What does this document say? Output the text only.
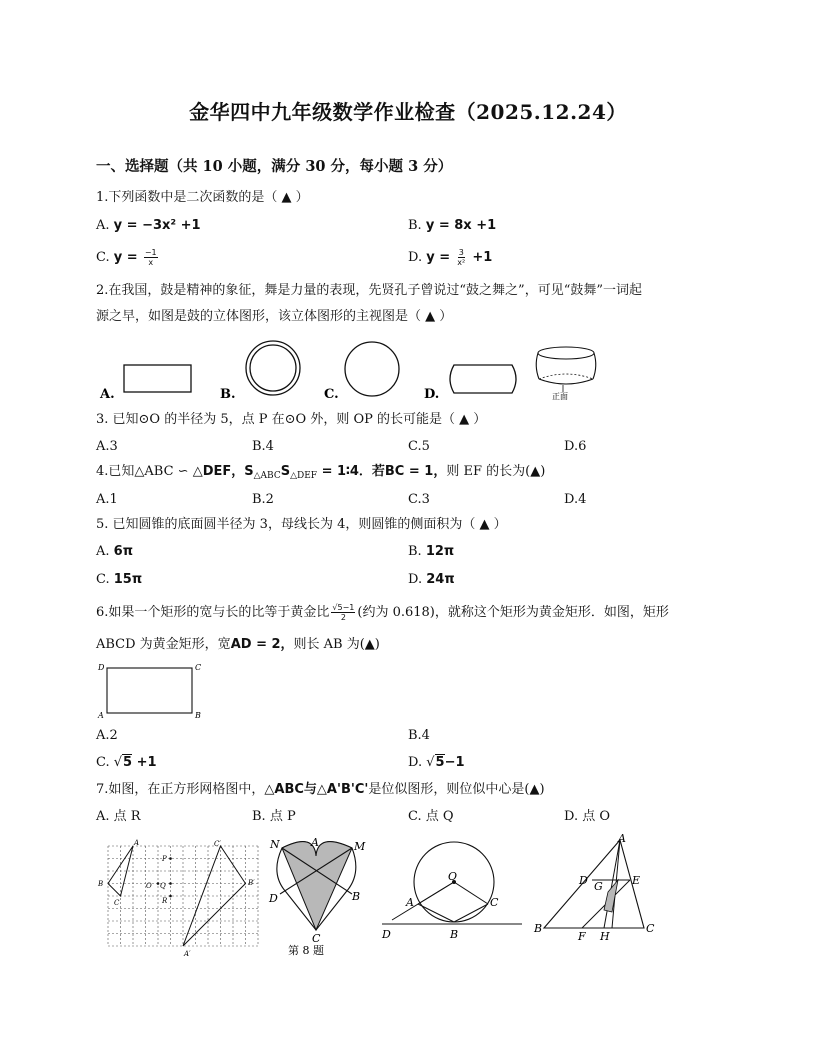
金华四中九年级数学作业检查（2025.12.24）
一、选择题（共 10 小题，满分 30 分，每小题 3 分）
1.下列函数中是二次函数的是（ ▲ ）
A. y = −3x² +1	B. y = 8x +1
C. $y = \frac{-1}{x}$	D. $y = \frac{3}{\text{x²}} +1$
2.在我国，鼓是精神的象征，舞是力量的表现，先贤孔子曾说过“鼓之舞之”，可见“鼓舞”一词起
源之早，如图是鼓的立体图形，该立体图形的主视图是（ ▲ ）
A.	B.	C.	D.	正面
3. 已知⊙O 的半径为 5，点 P 在⊙O 外，则 OP 的长可能是（ ▲ ）
A.3	B.4	C.5	D.6
4.已知△ABC ∽ △DEF，$S_{\triangle ABC}S_{\triangle DEF}$ = 1∶4．若BC = 1，则 EF 的长为(▲)
A.1	B.2	C.3	D.4
5. 已知圆锥的底面圆半径为 3，母线长为 4，则圆锥的侧面积为（ ▲ ）
A. 6π	B. 12π
C. 15π	D. 24π
6.如果一个矩形的宽与长的比等于黄金比 $\frac{√5-1}{2}$ (约为 0.618)，就称这个矩形为黄金矩形．如图，矩形
ABCD 为黄金矩形，宽AD = 2，则长 AB 为(▲)
D	C
A	B
A.2	B.4
C. √5 +1	D. √5−1
7.如图，在正方形网格图中，△ABC与△A'B'C'是位似图形，则位似中心是(▲)
A. 点 R	B. 点 P	C. 点 Q	D. 点 O
A
B
C
P
O Q
R
A′
B′
C′	N	A	M
D	B
C
第 8 题
O
A	C
D	B
A
D G	E
B
F H
C
